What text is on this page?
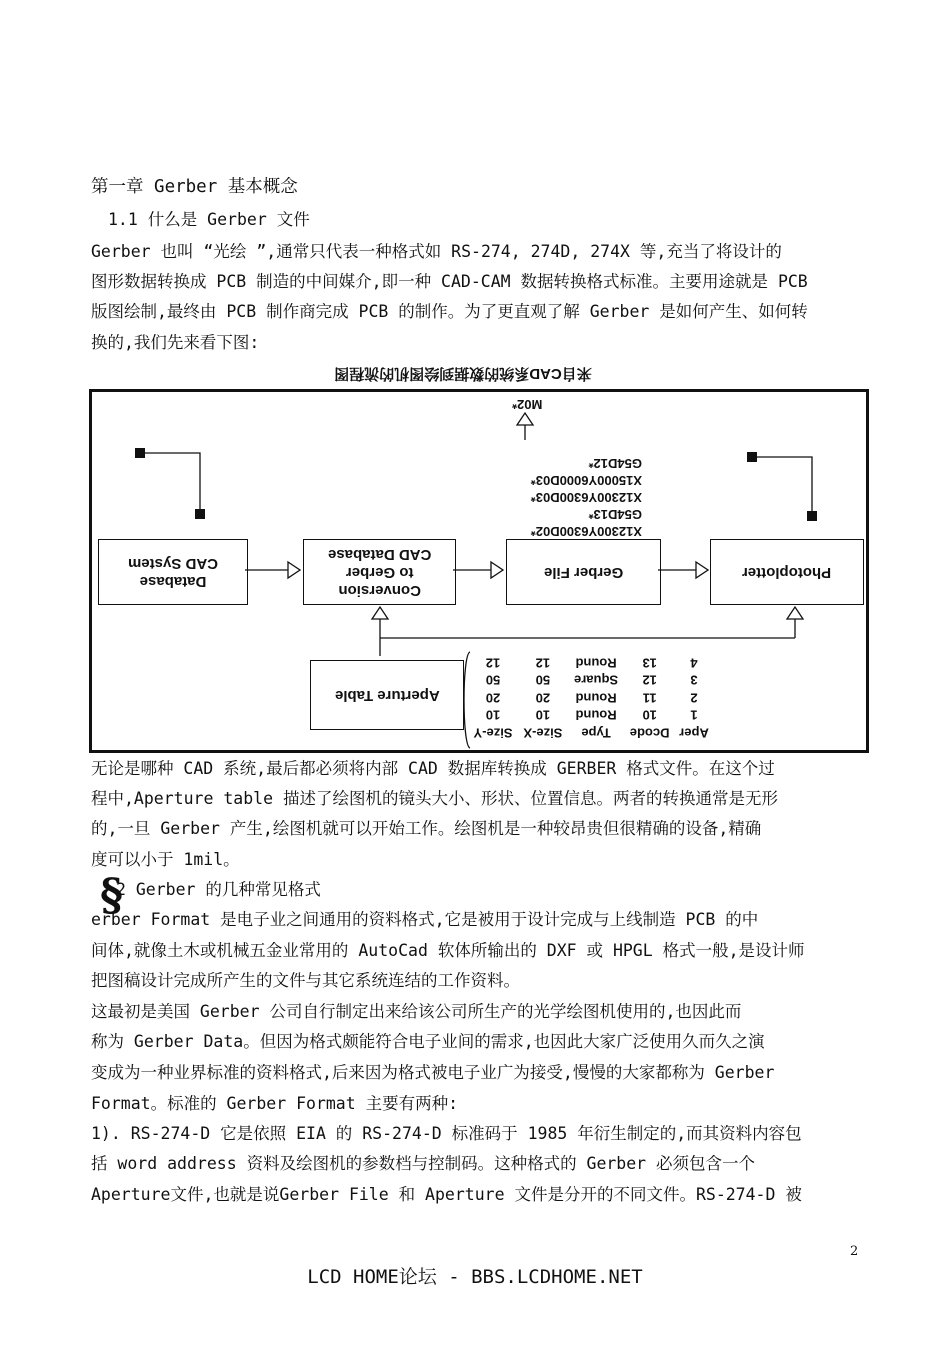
第一章 Gerber 基本概念
1.1 什么是 Gerber 文件
Gerber 也叫 “光绘 ”,通常只代表一种格式如 RS-274, 274D, 274X 等,充当了将设计的
图形数据转换成 PCB 制造的中间媒介,即一种 CAD-CAM 数据转换格式标准。主要用途就是 PCB
版图绘制,最终由 PCB 制作商完成 PCB 的制作。为了更直观了解 Gerber 是如何产生、如何转
换的,我们先来看下图:
来自CAD系统的数据到绘图机的流程图
Database
CAD System
Conversion
to Gerber
CAD Database
Gerber File	Photoplotter
Aperture Table
M02*
X12300Y6300D02*
G54D13*
X12300Y6300D03*
X15000Y6000D03*
G54D12*
Aper	Dcode	Type	Size-X	Size-Y
1	10	Round	10	10
2	11	Round	20	20
3	12	Square	50	50
4	13	Round	12	12
无论是哪种 CAD 系统,最后都必须将内部 CAD 数据库转换成 GERBER 格式文件。在这个过
程中,Aperture table 描述了绘图机的镜头大小、形状、位置信息。两者的转换通常是无形
的,一旦 Gerber 产生,绘图机就可以开始工作。绘图机是一种较昂贵但很精确的设备,精确
度可以小于 1mil。
§
2 Gerber 的几种常见格式
erber Format 是电子业之间通用的资料格式,它是被用于设计完成与上线制造 PCB 的中
间体,就像土木或机械五金业常用的 AutoCad 软体所输出的 DXF 或 HPGL 格式一般,是设计师
把图稿设计完成所产生的文件与其它系统连结的工作资料。
这最初是美国 Gerber 公司自行制定出来给该公司所生产的光学绘图机使用的,也因此而
称为 Gerber Data。但因为格式颇能符合电子业间的需求,也因此大家广泛使用久而久之演
变成为一种业界标准的资料格式,后来因为格式被电子业广为接受,慢慢的大家都称为 Gerber
Format。标准的 Gerber Format 主要有两种:
1). RS-274-D 它是依照 EIA 的 RS-274-D 标准码于 1985 年衍生制定的,而其资料内容包
括 word address 资料及绘图机的参数档与控制码。这种格式的 Gerber 必须包含一个
Aperture文件,也就是说Gerber File 和 Aperture 文件是分开的不同文件。RS-274-D 被
2
LCD HOME论坛 - BBS.LCDHOME.NET
